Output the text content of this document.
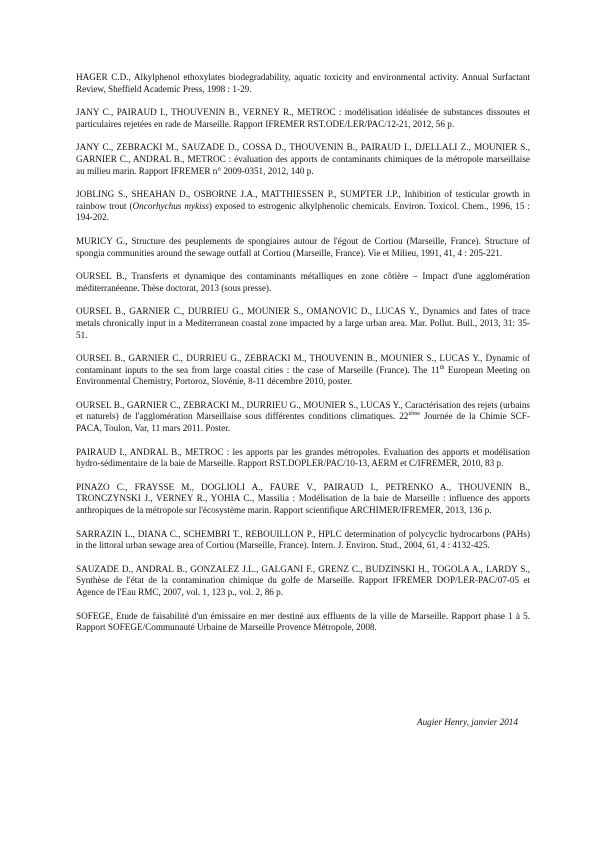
HAGER C.D., Alkylphenol ethoxylates biodegradability, aquatic toxicity and environmental activity. Annual Surfactant Review, Sheffield Academic Press, 1998 : 1-29.

JANY C., PAIRAUD I., THOUVENIN B., VERNEY R., METROC : modélisation idéalisée de substances dissoutes et particulaires rejetées en rade de Marseille. Rapport IFREMER RST.ODE/LER/PAC/12-21, 2012, 56 p.

JANY C., ZEBRACKI M., SAUZADE D., COSSA D., THOUVENIN B., PAIRAUD I., DJELLALI Z., MOUNIER S., GARNIER C., ANDRAL B., METROC : évaluation des apports de contaminants chimiques de la métropole marseillaise au milieu marin. Rapport IFREMER n° 2009-0351, 2012, 140 p.

JOBLING S., SHEAHAN D., OSBORNE J.A., MATTHIESSEN P., SUMPTER J.P., Inhibition of testicular growth in rainbow trout (Oncorhychus mykiss) exposed to estrogenic alkylphenolic chemicals. Environ. Toxicol. Chem., 1996, 15 : 194-202.

MURICY G., Structure des peuplements de spongiaires autour de l'égout de Cortiou (Marseille, France). Structure of spongia communities around the sewage outfall at Cortiou (Marseille, France). Vie et Milieu, 1991, 41, 4 : 205-221.

OURSEL B., Transferts et dynamique des contaminants métalliques en zone côtière – Impact d'une agglomération méditerranéenne. Thèse doctorat, 2013 (sous presse).

OURSEL B., GARNIER C., DURRIEU G., MOUNIER S., OMANOVIC D., LUCAS Y., Dynamics and fates of trace metals chronically input in a Mediterranean coastal zone impacted by a large urban area. Mar. Pollut. Bull., 2013, 31: 35-51.

OURSEL B., GARNIER C., DURRIEU G., ZEBRACKI M., THOUVENIN B., MOUNIER S., LUCAS Y., Dynamic of contaminant inputs to the sea from large coastal cities : the case of Marseille (France). The 11th European Meeting on Environmental Chemistry, Portoroz, Slovénie, 8-11 décembre 2010, poster.

OURSEL B., GARNIER C., ZEBRACKI M., DURRIEU G., MOUNIER S., LUCAS Y., Caractérisation des rejets (urbains et naturels) de l'agglomération Marseillaise sous différentes conditions climatiques. 22ième Journée de la Chimie SCF-PACA, Toulon, Var, 11 mars 2011. Poster.

PAIRAUD I., ANDRAL B., METROC : les apports par les grandes métropoles. Evaluation des apports et modélisation hydro-sédimentaire de la baie de Marseille. Rapport RST.DOPLER/PAC/10-13, AERM et C/IFREMER, 2010, 83 p.

PINAZO C., FRAYSSE M., DOGLIOLI A., FAURE V., PAIRAUD I., PETRENKO A., THOUVENIN B., TRONCZYNSKI J., VERNEY R., YOHIA C., Massilia : Modélisation de la baie de Marseille : influence des apports anthropiques de la métropole sur l'écosystème marin. Rapport scientifique ARCHIMER/IFREMER, 2013, 136 p.

SARRAZIN L., DIANA C., SCHEMBRI T., REBOUILLON P., HPLC determination of polycyclic hydrocarbons (PAHs) in the littoral urban sewage area of Cortiou (Marseille, France). Intern. J. Environ. Stud., 2004, 61, 4 : 4132-425.

SAUZADE D., ANDRAL B., GONZALEZ J.L., GALGANI F., GRENZ C., BUDZINSKI H., TOGOLA A., LARDY S., Synthèse de l'état de la contamination chimique du golfe de Marseille. Rapport IFREMER DOP/LER-PAC/07-05 et Agence de l'Eau RMC, 2007, vol. 1, 123 p., vol. 2, 86 p.

SOFEGE, Etude de faisabilité d'un émissaire en mer destiné aux effluents de la ville de Marseille. Rapport phase 1 à 5. Rapport SOFEGE/Communauté Urbaine de Marseille Provence Métropole, 2008.

Augier Henry, janvier 2014
